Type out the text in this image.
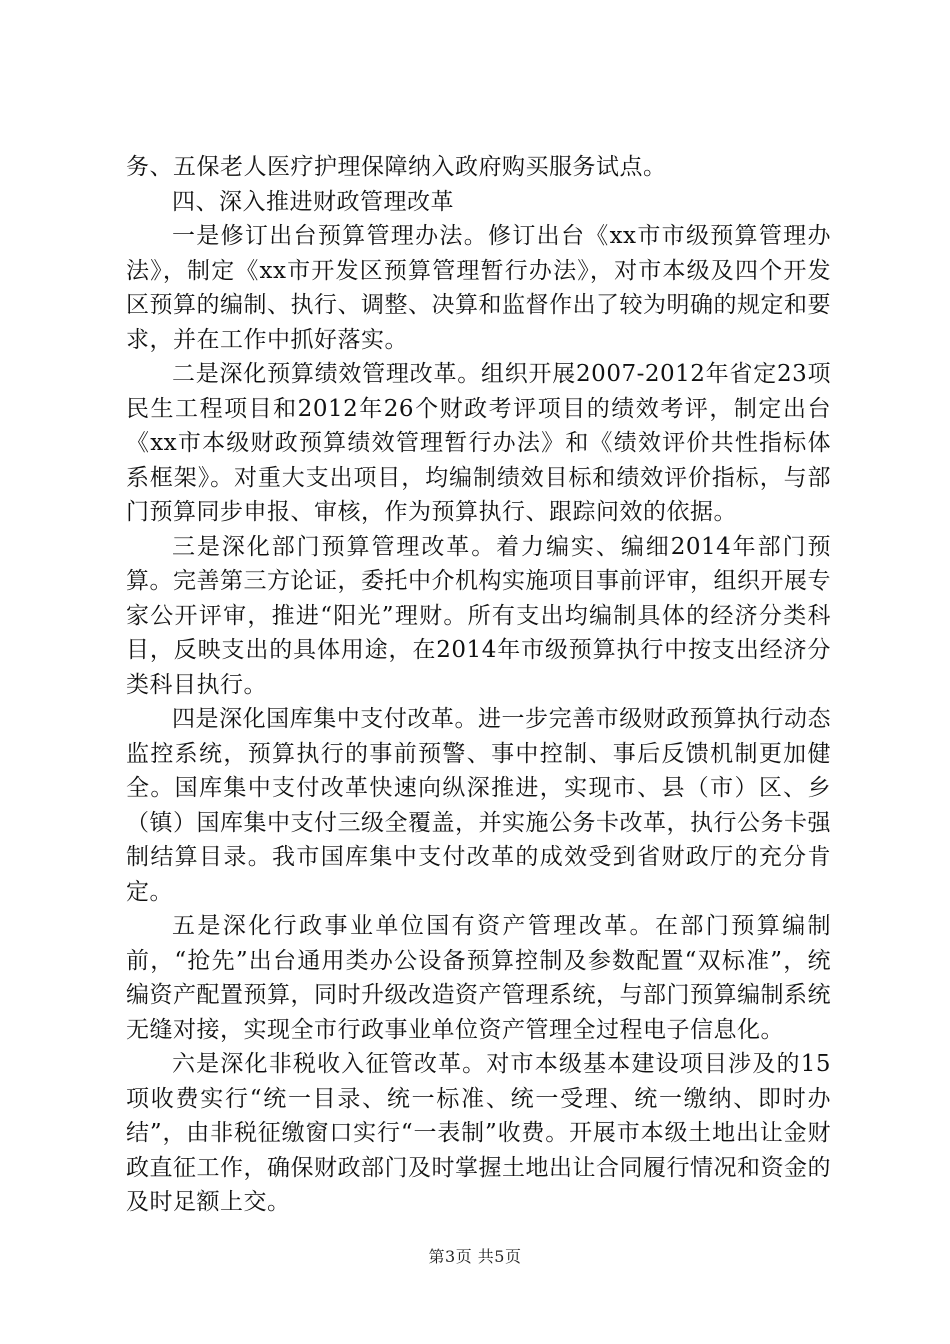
务、五保老人医疗护理保障纳入政府购买服务试点。

四、深入推进财政管理改革

一是修订出台预算管理办法。修订出台《xx市市级预算管理办法》，制定《xx市开发区预算管理暂行办法》，对市本级及四个开发区预算的编制、执行、调整、决算和监督作出了较为明确的规定和要求，并在工作中抓好落实。

二是深化预算绩效管理改革。组织开展2007-2012年省定23项民生工程项目和2012年26个财政考评项目的绩效考评，制定出台《xx市本级财政预算绩效管理暂行办法》和《绩效评价共性指标体系框架》。对重大支出项目，均编制绩效目标和绩效评价指标，与部门预算同步申报、审核，作为预算执行、跟踪问效的依据。

三是深化部门预算管理改革。着力编实、编细2014年部门预算。完善第三方论证，委托中介机构实施项目事前评审，组织开展专家公开评审，推进“阳光”理财。所有支出均编制具体的经济分类科目，反映支出的具体用途，在2014年市级预算执行中按支出经济分类科目执行。

四是深化国库集中支付改革。进一步完善市级财政预算执行动态监控系统，预算执行的事前预警、事中控制、事后反馈机制更加健全。国库集中支付改革快速向纵深推进，实现市、县（市）区、乡（镇）国库集中支付三级全覆盖，并实施公务卡改革，执行公务卡强制结算目录。我市国库集中支付改革的成效受到省财政厅的充分肯定。

五是深化行政事业单位国有资产管理改革。在部门预算编制前，“抢先”出台通用类办公设备预算控制及参数配置“双标准”，统编资产配置预算，同时升级改造资产管理系统，与部门预算编制系统无缝对接，实现全市行政事业单位资产管理全过程电子信息化。

六是深化非税收入征管改革。对市本级基本建设项目涉及的15项收费实行“统一目录、统一标准、统一受理、统一缴纳、即时办结”，由非税征缴窗口实行“一表制”收费。开展市本级土地出让金财政直征工作，确保财政部门及时掌握土地出让合同履行情况和资金的及时足额上交。

第3页 共5页
